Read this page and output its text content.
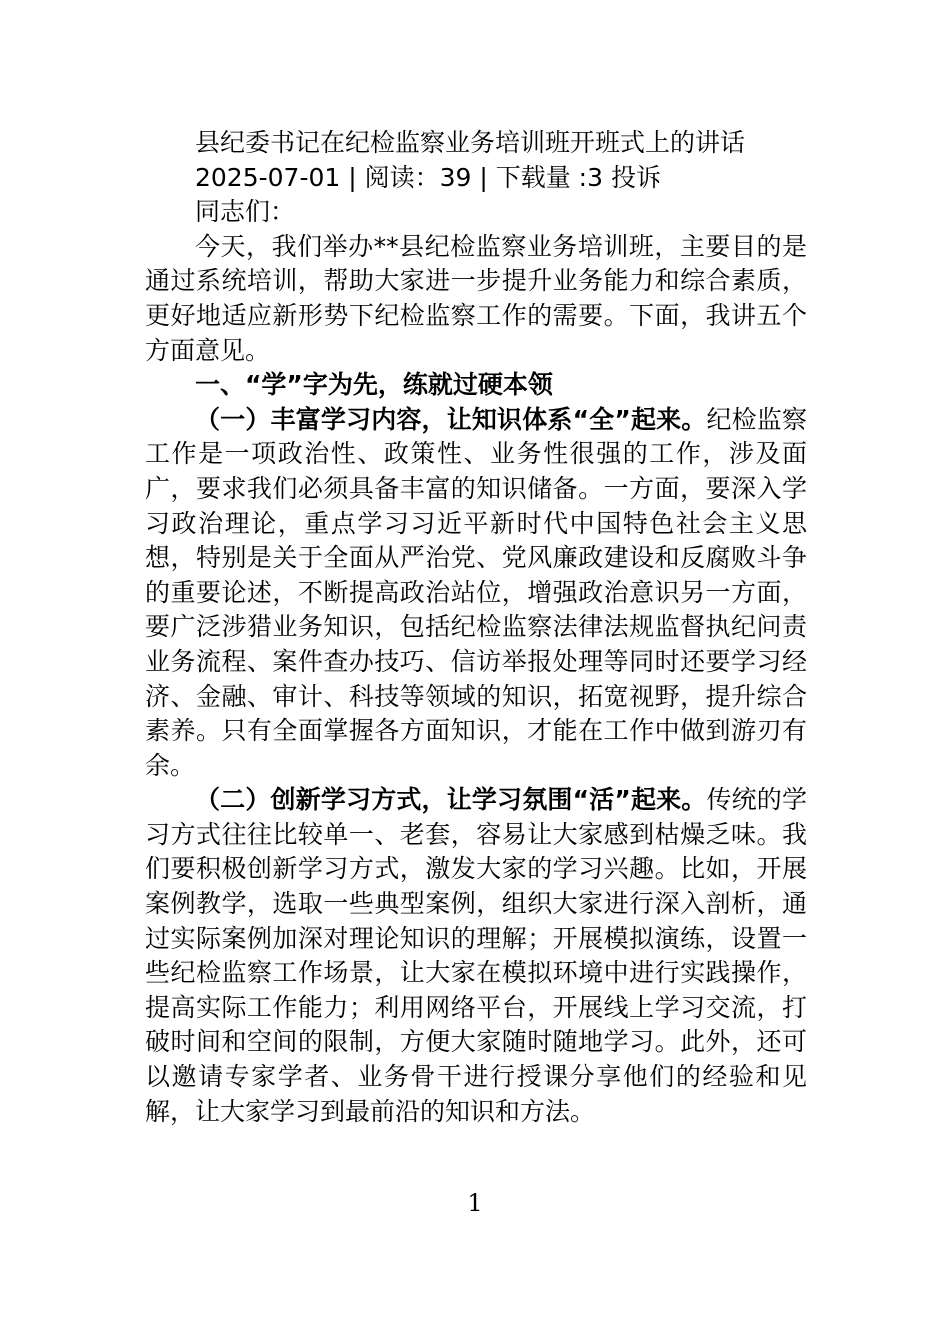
县纪委书记在纪检监察业务培训班开班式上的讲话

2025-07-01 | 阅读：39 | 下载量 :3 投诉

同志们：

今天，我们举办**县纪检监察业务培训班，主要目的是通过系统培训，帮助大家进一步提升业务能力和综合素质，更好地适应新形势下纪检监察工作的需要。下面，我讲五个方面意见。

一、“学”字为先，练就过硬本领

（一）丰富学习内容，让知识体系“全”起来。纪检监察工作是一项政治性、政策性、业务性很强的工作，涉及面广，要求我们必须具备丰富的知识储备。一方面，要深入学习政治理论，重点学习习近平新时代中国特色社会主义思想，特别是关于全面从严治党、党风廉政建设和反腐败斗争的重要论述，不断提高政治站位，增强政治意识另一方面，要广泛涉猎业务知识，包括纪检监察法律法规监督执纪问责业务流程、案件查办技巧、信访举报处理等同时还要学习经济、金融、审计、科技等领域的知识，拓宽视野，提升综合素养。只有全面掌握各方面知识，才能在工作中做到游刃有余。

（二）创新学习方式，让学习氛围“活”起来。传统的学习方式往往比较单一、老套，容易让大家感到枯燥乏味。我们要积极创新学习方式，激发大家的学习兴趣。比如，开展案例教学，选取一些典型案例，组织大家进行深入剖析，通过实际案例加深对理论知识的理解；开展模拟演练，设置一些纪检监察工作场景，让大家在模拟环境中进行实践操作，提高实际工作能力；利用网络平台，开展线上学习交流，打破时间和空间的限制，方便大家随时随地学习。此外，还可以邀请专家学者、业务骨干进行授课分享他们的经验和见解，让大家学习到最前沿的知识和方法。

1
